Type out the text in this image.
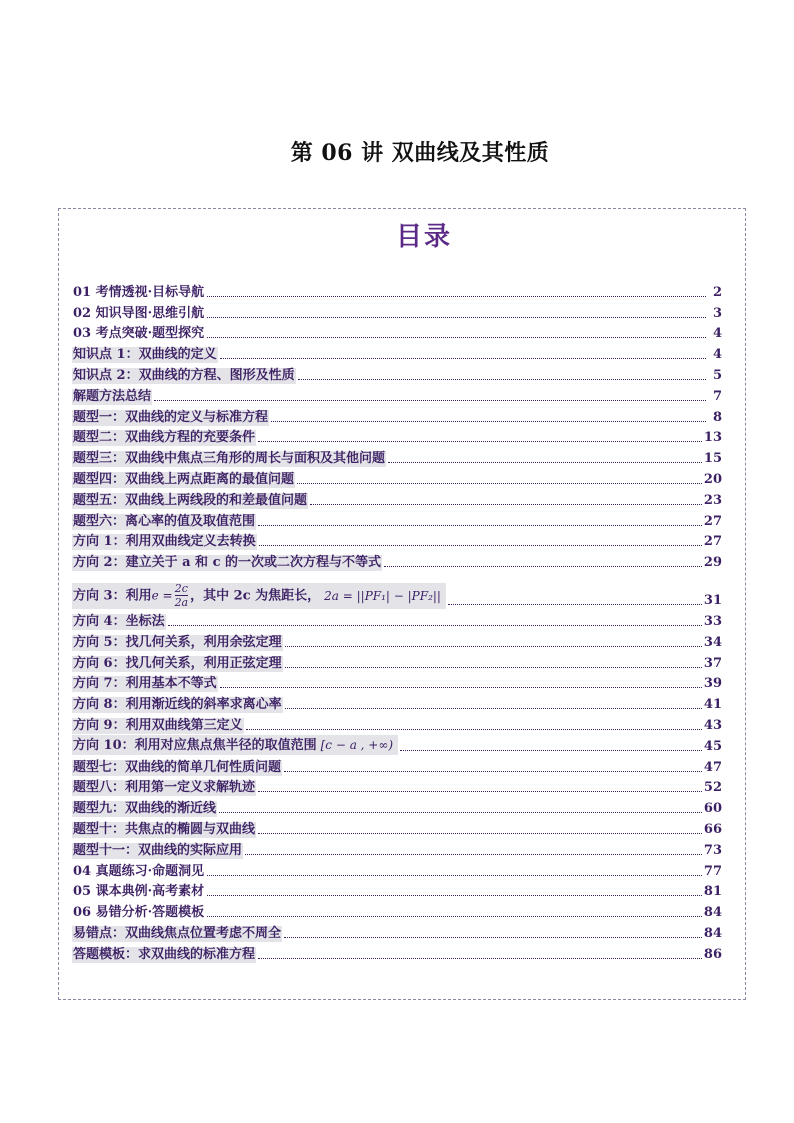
第 06 讲 双曲线及其性质
目录
01 考情透视·目标导航	2
02 知识导图·思维引航	3
03 考点突破·题型探究	4
知识点 1：双曲线的定义	4
知识点 2：双曲线的方程、图形及性质	5
解题方法总结	7
题型一：双曲线的定义与标准方程	8
题型二：双曲线方程的充要条件	13
题型三：双曲线中焦点三角形的周长与面积及其他问题	15
题型四：双曲线上两点距离的最值问题	20
题型五：双曲线上两线段的和差最值问题	23
题型六：离心率的值及取值范围	27
方向 1：利用双曲线定义去转换	27
方向 2：建立关于 a 和 c 的一次或二次方程与不等式	29
方向 3：利用$e = \frac{2c}{2a}$ ，其中 2c 为焦距长， 2a = ||PF₁| − |PF₂||	31
方向 4：坐标法	33
方向 5：找几何关系，利用余弦定理	34
方向 6：找几何关系，利用正弦定理	37
方向 7：利用基本不等式	39
方向 8：利用渐近线的斜率求离心率	41
方向 9：利用双曲线第三定义	43
方向 10：利用对应焦点焦半径的取值范围 [c − a , +∞)	45
题型七：双曲线的简单几何性质问题	47
题型八：利用第一定义求解轨迹	52
题型九：双曲线的渐近线	60
题型十：共焦点的椭圆与双曲线	66
题型十一：双曲线的实际应用	73
04 真题练习·命题洞见	77
05 课本典例·高考素材	81
06 易错分析·答题模板	84
易错点：双曲线焦点位置考虑不周全	84
答题模板：求双曲线的标准方程	86
